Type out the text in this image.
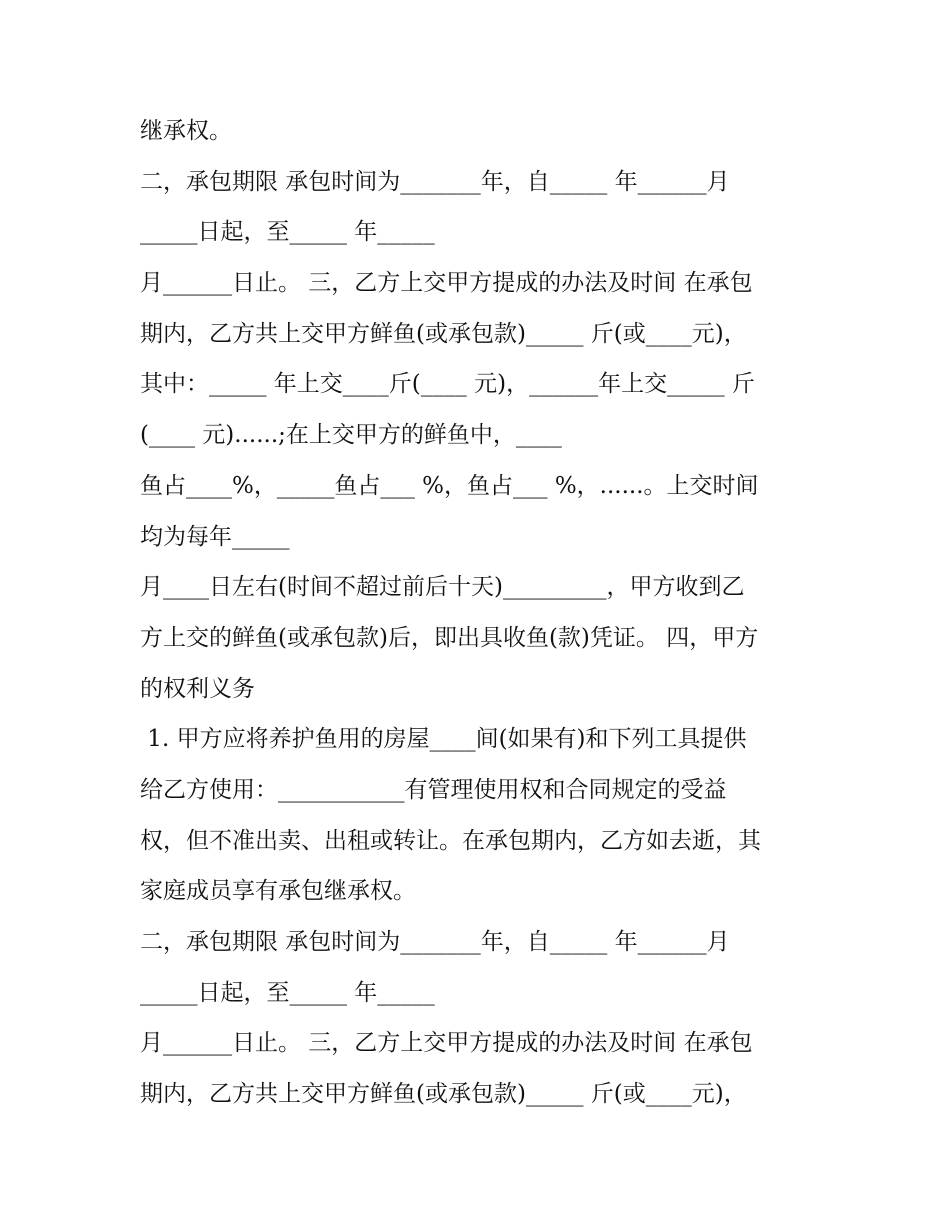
继承权。
二，承包期限 承包时间为_______年，自_____ 年______月
_____日起，至_____ 年_____
月______日止。 三，乙方上交甲方提成的办法及时间 在承包
期内，乙方共上交甲方鲜鱼(或承包款)_____ 斤(或____元)，
其中：_____ 年上交____斤(____ 元)，______年上交_____ 斤
(____ 元)......;在上交甲方的鲜鱼中，____
鱼占____%，_____鱼占___ %，鱼占___ %，......。上交时间
均为每年_____
月____日左右(时间不超过前后十天)_________，甲方收到乙
方上交的鲜鱼(或承包款)后，即出具收鱼(款)凭证。 四，甲方
的权利义务
1. 甲方应将养护鱼用的房屋____间(如果有)和下列工具提供
给乙方使用：___________有管理使用权和合同规定的受益
权，但不准出卖、出租或转让。在承包期内，乙方如去逝，其
家庭成员享有承包继承权。
二，承包期限 承包时间为_______年，自_____ 年______月
_____日起，至_____ 年_____
月______日止。 三，乙方上交甲方提成的办法及时间 在承包
期内，乙方共上交甲方鲜鱼(或承包款)_____ 斤(或____元)，
